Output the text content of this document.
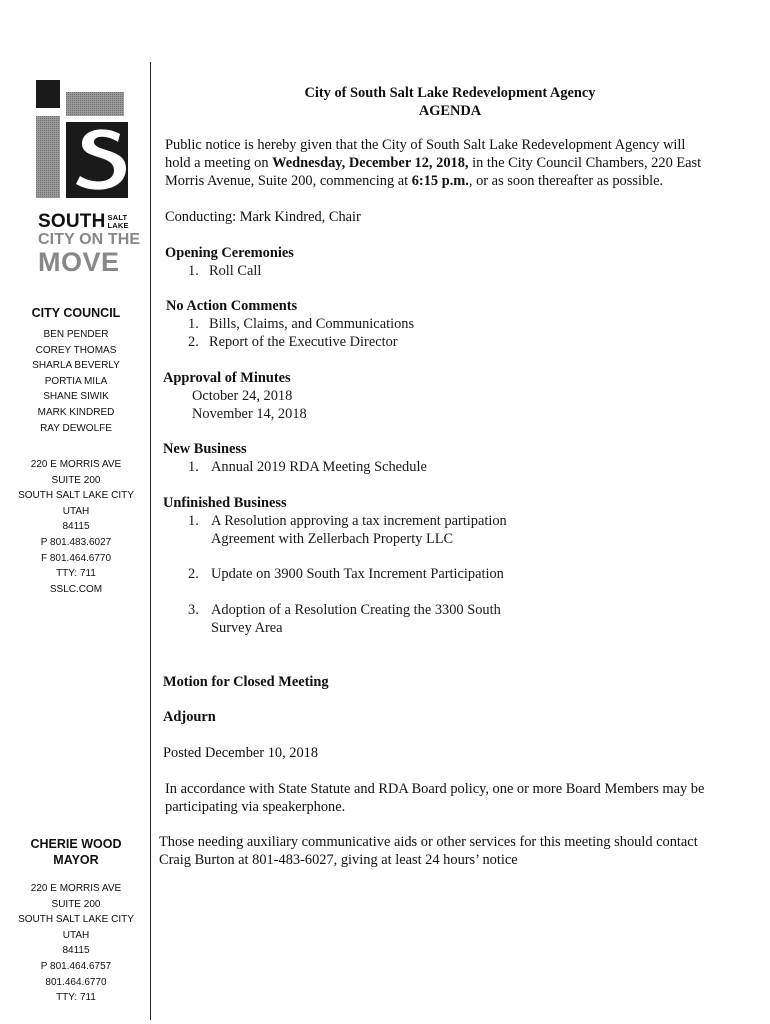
SOUTH SALT
LAKE
CITY ON THE
MOVE
CITY COUNCIL
BEN PENDER
COREY THOMAS
SHARLA BEVERLY
PORTIA MILA
SHANE SIWIK
MARK KINDRED
RAY DEWOLFE
220 E MORRIS AVE
SUITE 200
SOUTH SALT LAKE CITY
UTAH
84115
P 801.483.6027
F 801.464.6770
TTY: 711
SSLC.COM
CHERIE WOOD
MAYOR
220 E MORRIS AVE
SUITE 200
SOUTH SALT LAKE CITY
UTAH
84115
P 801.464.6757
801.464.6770
TTY: 711
City of South Salt Lake Redevelopment Agency
AGENDA
Public notice is hereby given that the City of South Salt Lake Redevelopment Agency will
hold a meeting on Wednesday, December 12, 2018, in the City Council Chambers, 220 East
Morris Avenue, Suite 200, commencing at 6:15 p.m., or as soon thereafter as possible.
Conducting: Mark Kindred, Chair
Opening Ceremonies
1. Roll Call
No Action Comments
1. Bills, Claims, and Communications
2. Report of the Executive Director
Approval of Minutes
October 24, 2018
November 14, 2018
New Business
1. Annual 2019 RDA Meeting Schedule
Unfinished Business
1. A Resolution approving a tax increment partipation
Agreement with Zellerbach Property LLC
2. Update on 3900 South Tax Increment Participation
3. Adoption of a Resolution Creating the 3300 South
Survey Area
Motion for Closed Meeting
Adjourn
Posted December 10, 2018
In accordance with State Statute and RDA Board policy, one or more Board Members may be
participating via speakerphone.
Those needing auxiliary communicative aids or other services for this meeting should contact
Craig Burton at 801-483-6027, giving at least 24 hours’ notice
